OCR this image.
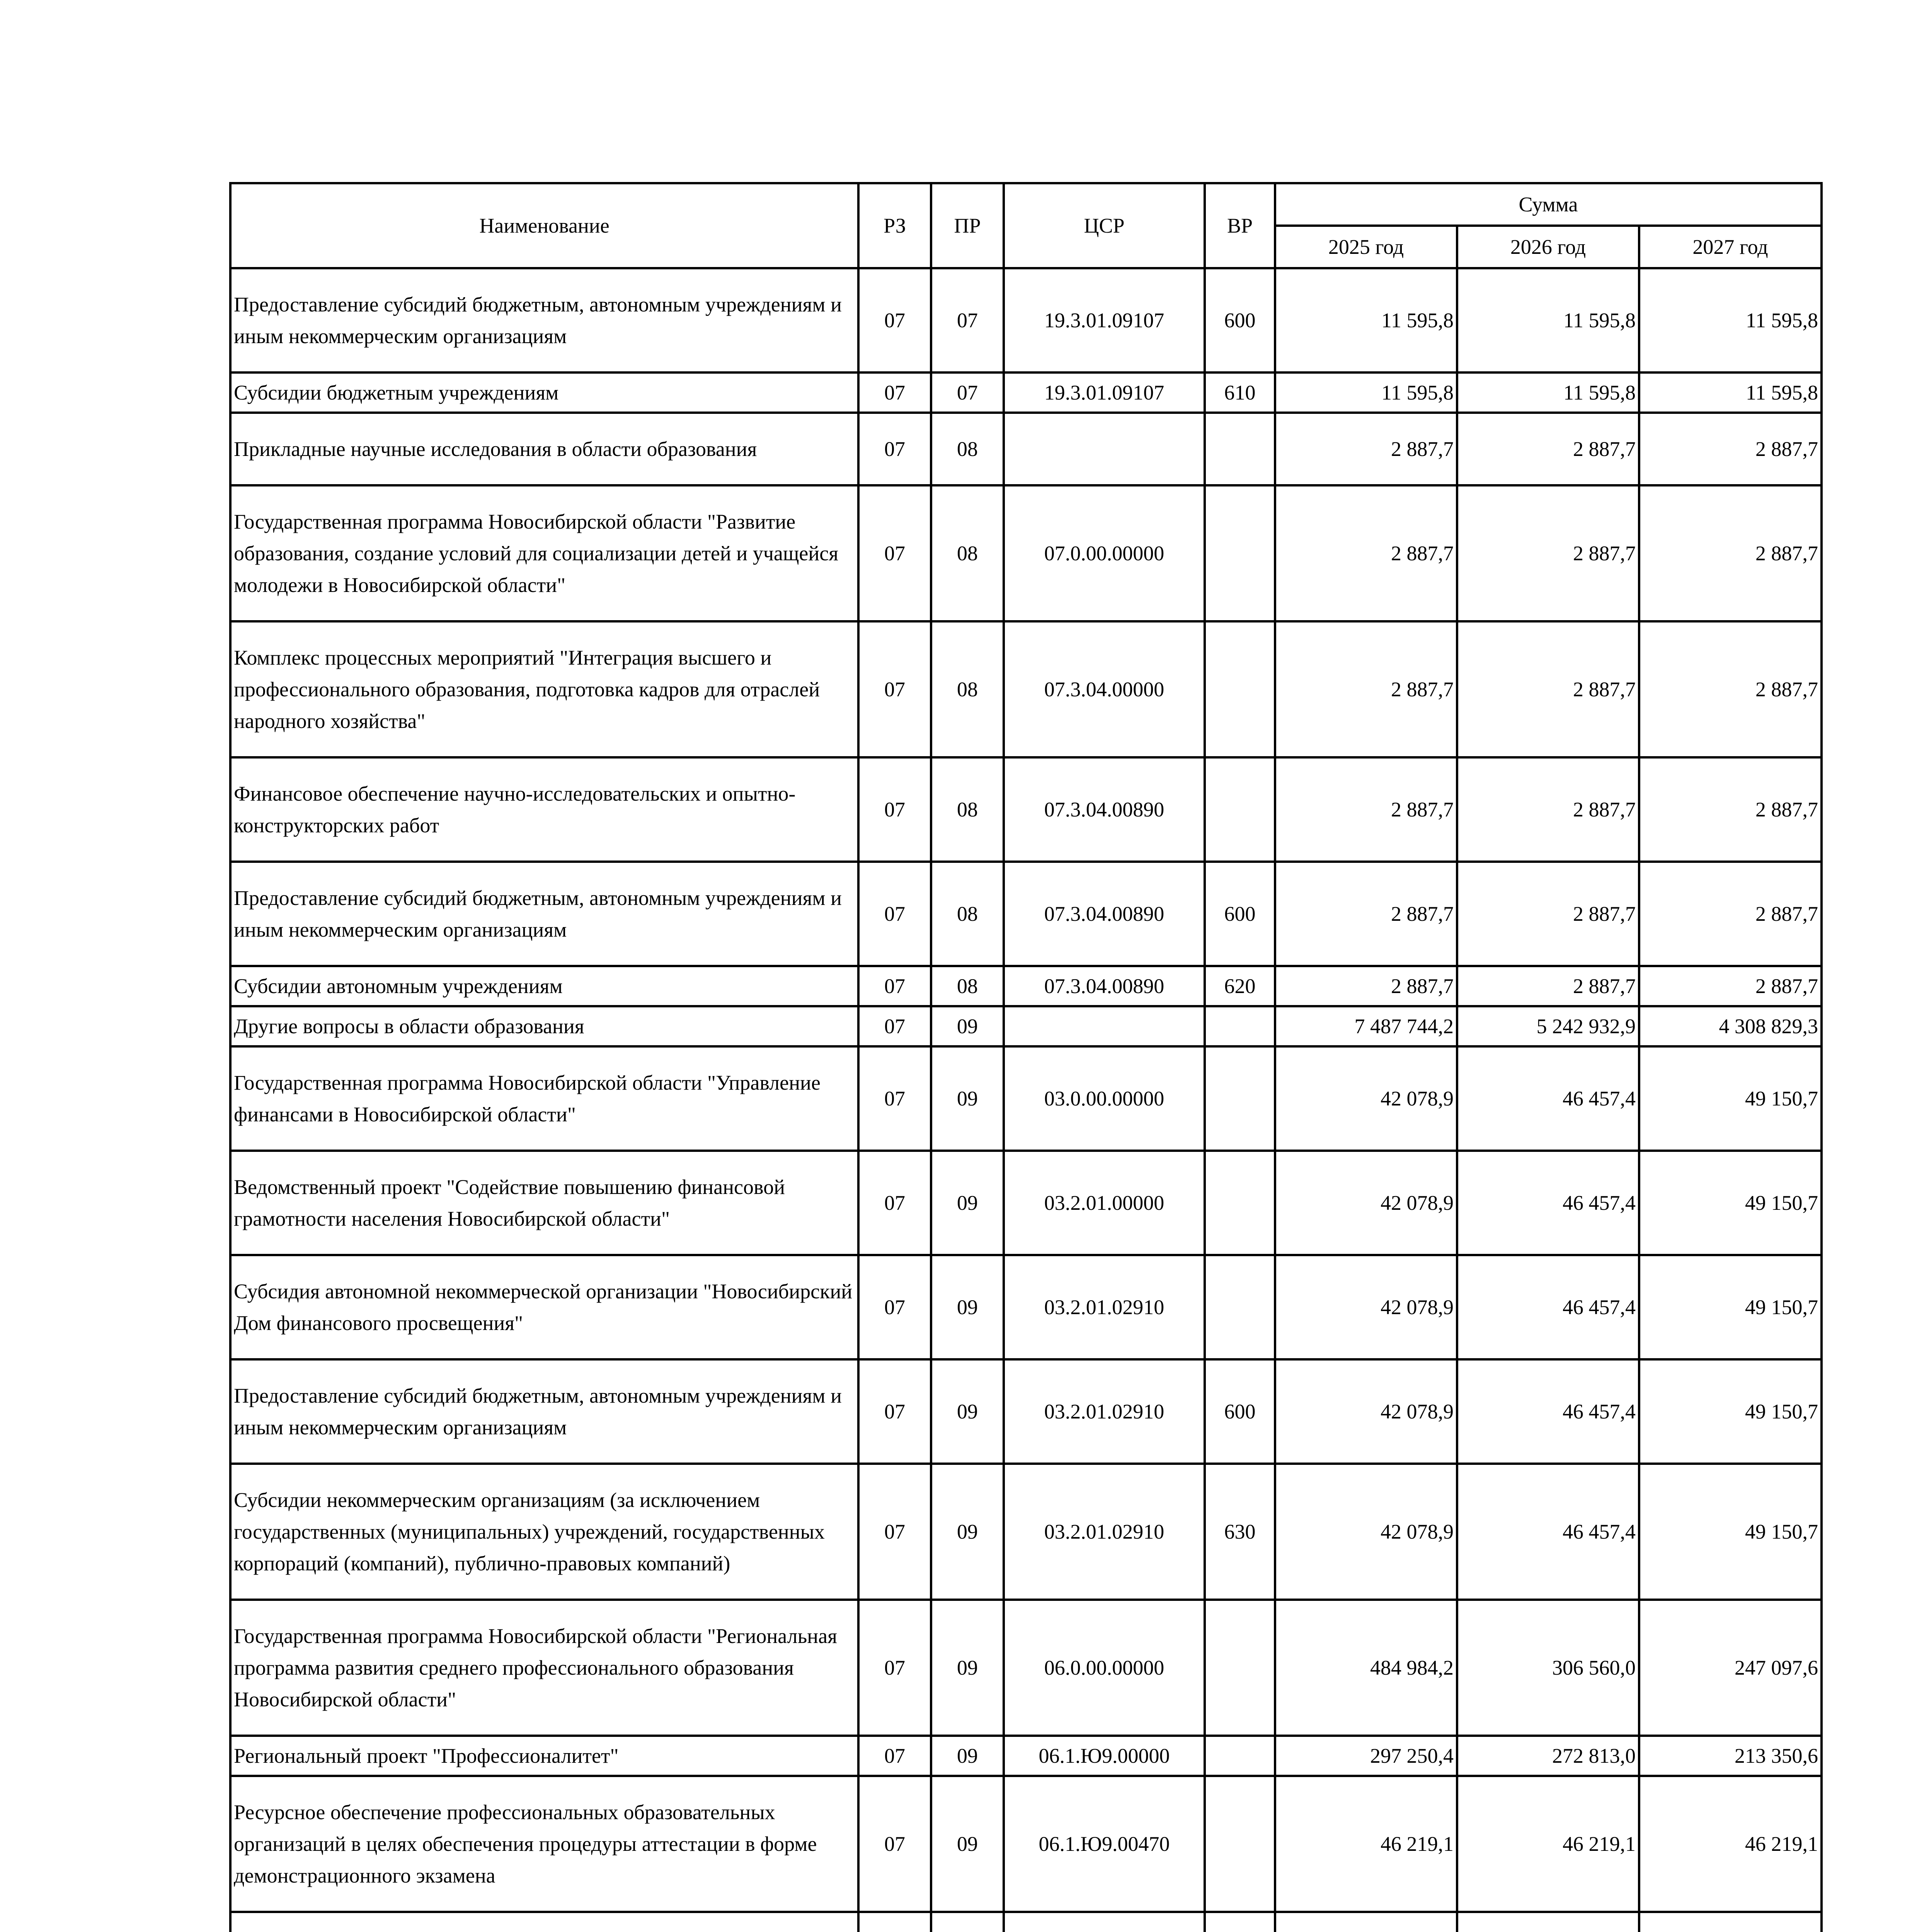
Наименование	РЗ	ПР	ЦСР	ВР	Сумма		
					2025 год	2026 год	2027 год
Предоставление субсидий бюджетным, автономным учреждениям и иным некоммерческим организациям	07	07	19.3.01.09107	600	11 595,8	11 595,8	11 595,8
Субсидии бюджетным учреждениям	07	07	19.3.01.09107	610	11 595,8	11 595,8	11 595,8
Прикладные научные исследования в области образования	07	08			2 887,7	2 887,7	2 887,7
Государственная программа Новосибирской области "Развитие образования, создание условий для социализации детей и учащейся молодежи в Новосибирской области"	07	08	07.0.00.00000		2 887,7	2 887,7	2 887,7
Комплекс процессных мероприятий "Интеграция высшего и профессионального образования, подготовка кадров для отраслей народного хозяйства"	07	08	07.3.04.00000		2 887,7	2 887,7	2 887,7
Финансовое обеспечение научно-исследовательских и опытно-конструкторских работ	07	08	07.3.04.00890		2 887,7	2 887,7	2 887,7
Предоставление субсидий бюджетным, автономным учреждениям и иным некоммерческим организациям	07	08	07.3.04.00890	600	2 887,7	2 887,7	2 887,7
Субсидии автономным учреждениям	07	08	07.3.04.00890	620	2 887,7	2 887,7	2 887,7
Другие вопросы в области образования	07	09			7 487 744,2	5 242 932,9	4 308 829,3
Государственная программа Новосибирской области "Управление финансами в Новосибирской области"	07	09	03.0.00.00000		42 078,9	46 457,4	49 150,7
Ведомственный проект "Содействие повышению финансовой грамотности населения Новосибирской области"	07	09	03.2.01.00000		42 078,9	46 457,4	49 150,7
Субсидия автономной некоммерческой организации "Новосибирский Дом финансового просвещения"	07	09	03.2.01.02910		42 078,9	46 457,4	49 150,7
Предоставление субсидий бюджетным, автономным учреждениям и иным некоммерческим организациям	07	09	03.2.01.02910	600	42 078,9	46 457,4	49 150,7
Субсидии некоммерческим организациям (за исключением государственных (муниципальных) учреждений, государственных корпораций (компаний), публично-правовых компаний)	07	09	03.2.01.02910	630	42 078,9	46 457,4	49 150,7
Государственная программа Новосибирской области "Региональная программа развития среднего профессионального образования Новосибирской области"	07	09	06.0.00.00000		484 984,2	306 560,0	247 097,6
Региональный проект "Профессионалитет"	07	09	06.1.Ю9.00000		297 250,4	272 813,0	213 350,6
Ресурсное обеспечение профессиональных образовательных организаций в целях обеспечения процедуры аттестации в форме демонстрационного экзамена	07	09	06.1.Ю9.00470		46 219,1	46 219,1	46 219,1
